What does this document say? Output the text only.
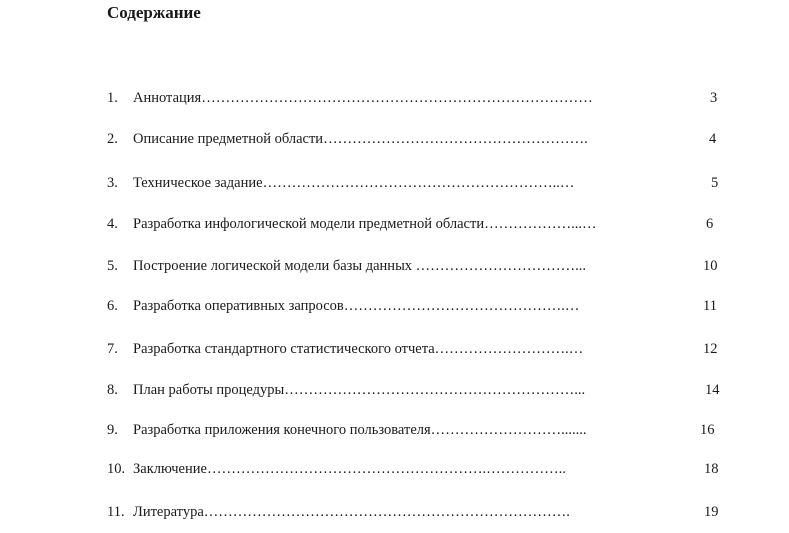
Содержание
1. Аннотация………………………………………………………………………	3
2. Описание предметной области……………………………………………….	4
3. Техническое задание……………………………………………………..…	5
4. Разработка инфологической модели предметной области………………...…	6
5. Построение логической модели базы данных ……………………………...	10
6. Разработка оперативных запросов……………………………………….…	11
7. Разработка стандартного статистического отчета……………………….…	12
8. План работы процедуры……………………………………………………...	14
9. Разработка приложения конечного пользователя……………………….......	16
10. Заключение………………………………………………….……………..	18
11. Литература………………………………………………………………….	19
